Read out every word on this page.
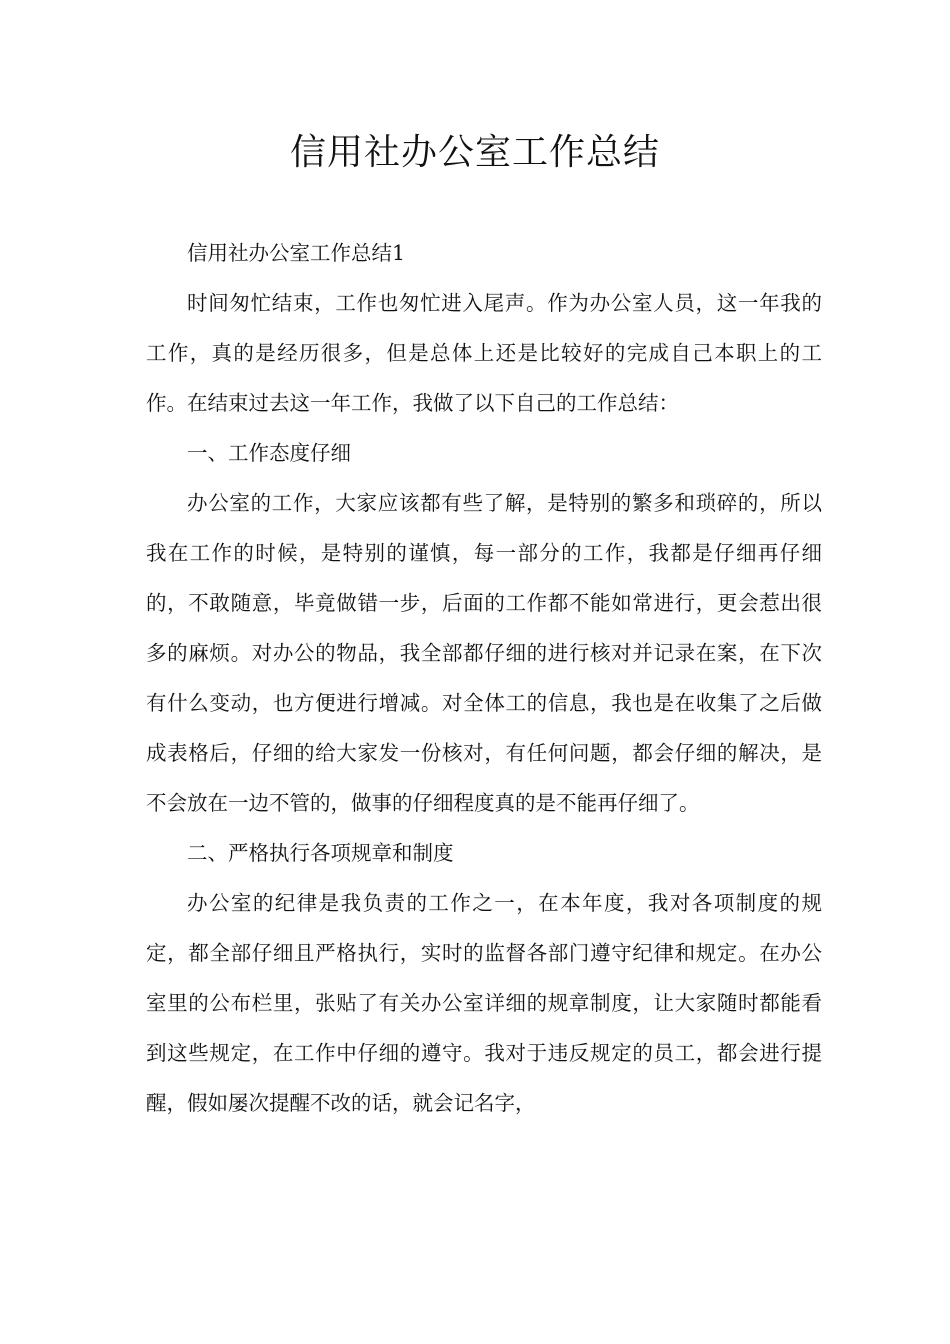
信用社办公室工作总结

信用社办公室工作总结1

时间匆忙结束，工作也匆忙进入尾声。作为办公室人员，这一年我的工作，真的是经历很多，但是总体上还是比较好的完成自己本职上的工作。在结束过去这一年工作，我做了以下自己的工作总结：

一、工作态度仔细

办公室的工作，大家应该都有些了解，是特别的繁多和琐碎的，所以我在工作的时候，是特别的谨慎，每一部分的工作，我都是仔细再仔细的，不敢随意，毕竟做错一步，后面的工作都不能如常进行，更会惹出很多的麻烦。对办公的物品，我全部都仔细的进行核对并记录在案，在下次有什么变动，也方便进行增减。对全体工的信息，我也是在收集了之后做成表格后，仔细的给大家发一份核对，有任何问题，都会仔细的解决，是不会放在一边不管的，做事的仔细程度真的是不能再仔细了。

二、严格执行各项规章和制度

办公室的纪律是我负责的工作之一，在本年度，我对各项制度的规定，都全部仔细且严格执行，实时的监督各部门遵守纪律和规定。在办公室里的公布栏里，张贴了有关办公室详细的规章制度，让大家随时都能看到这些规定，在工作中仔细的遵守。我对于违反规定的员工，都会进行提醒，假如屡次提醒不改的话，就会记名字，
